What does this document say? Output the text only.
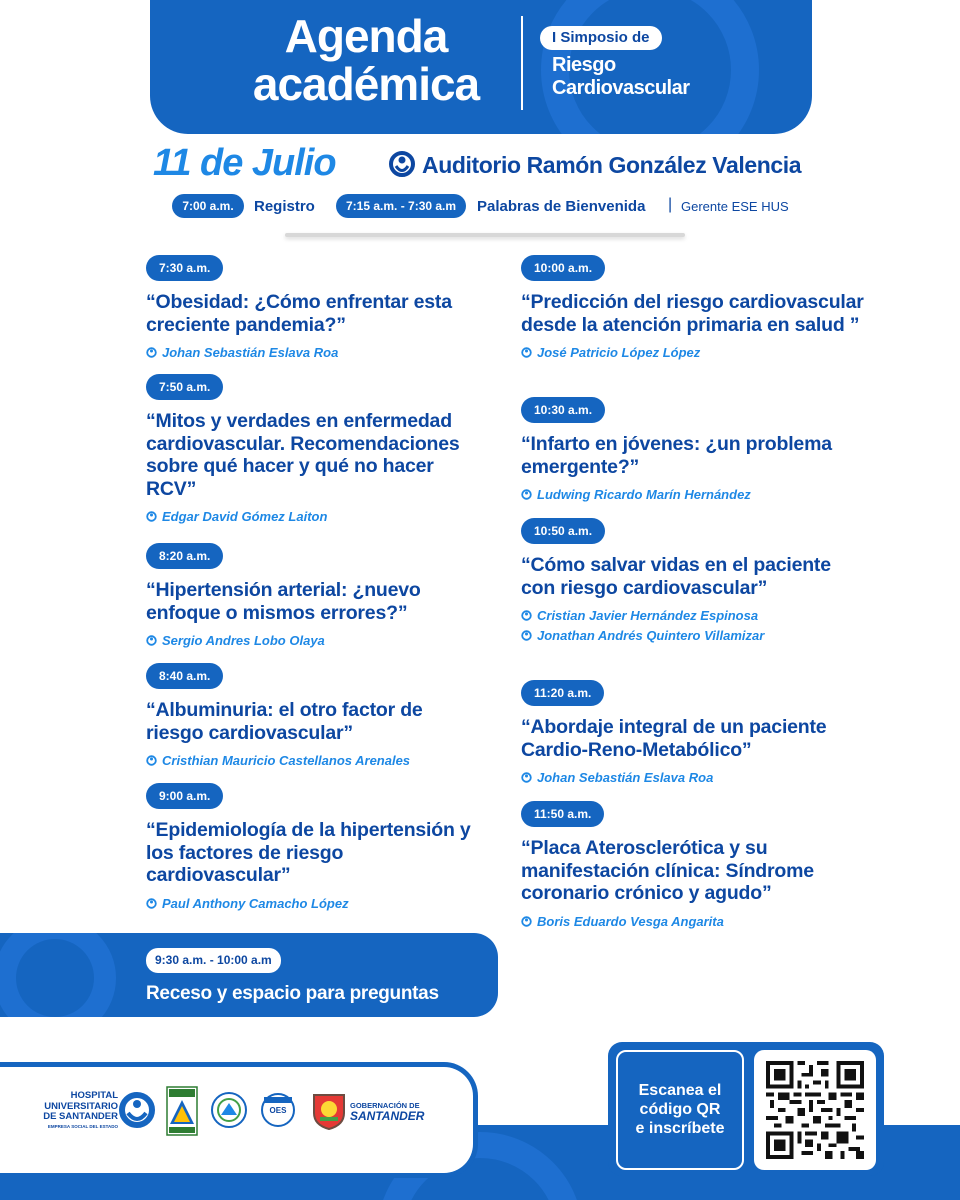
Agenda
académica
I Simposio de
Riesgo
Cardiovascular
11 de Julio	Auditorio Ramón González Valencia
7:00 a.m.	Registro	7:15 a.m. - 7:30 a.m	Palabras de Bienvenida | Gerente ESE HUS
7:30 a.m.
“Obesidad: ¿Cómo enfrentar esta creciente pandemia?”
Johan Sebastián Eslava Roa
7:50 a.m.
“Mitos y verdades en enfermedad cardiovascular. Recomendaciones sobre qué hacer y qué no hacer RCV”
Edgar David Gómez Laiton
8:20 a.m.
“Hipertensión arterial: ¿nuevo enfoque o mismos errores?”
Sergio Andres Lobo Olaya
8:40 a.m.
“Albuminuria: el otro factor de riesgo cardiovascular”
Cristhian Mauricio Castellanos Arenales
9:00 a.m.
“Epidemiología de la hipertensión y los factores de riesgo cardiovascular”
Paul Anthony Camacho López
10:00 a.m.
“Predicción del riesgo cardiovascular desde la atención primaria en salud ”
José Patricio López López
10:30 a.m.
“Infarto en jóvenes: ¿un problema emergente?”
Ludwing Ricardo Marín Hernández
10:50 a.m.
“Cómo salvar vidas en el paciente con riesgo cardiovascular”
Cristian Javier Hernández Espinosa
Jonathan Andrés Quintero Villamizar
11:20 a.m.
“Abordaje integral de un paciente Cardio-Reno-Metabólico”
Johan Sebastián Eslava Roa
11:50 a.m.
“Placa Aterosclerótica y su manifestación clínica: Síndrome coronario crónico y agudo”
Boris Eduardo Vesga Angarita
9:30 a.m. - 10:00 a.m
Receso y espacio para preguntas
HOSPITAL
UNIVERSITARIO
DE SANTANDER
EMPRESA SOCIAL DEL ESTADO
OES
GOBERNACIÓN DE
SANTANDER
Escanea el
código QR
e inscríbete
